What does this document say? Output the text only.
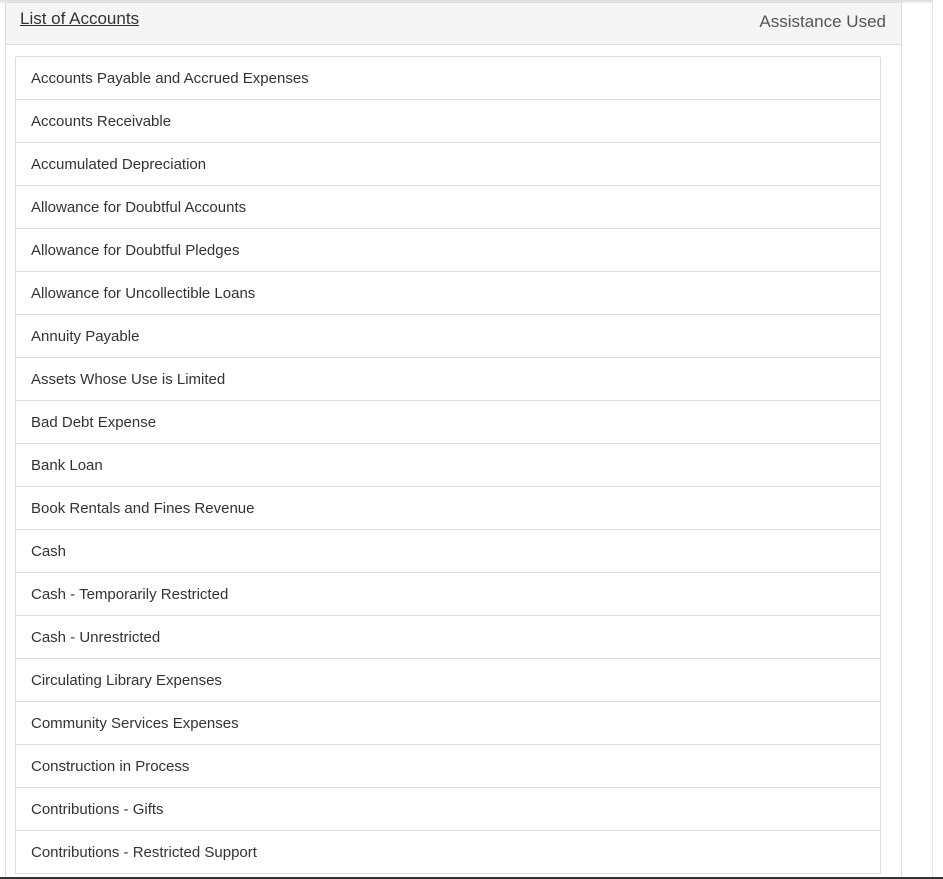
List of Accounts	Assistance Used
Accounts Payable and Accrued Expenses
Accounts Receivable
Accumulated Depreciation
Allowance for Doubtful Accounts
Allowance for Doubtful Pledges
Allowance for Uncollectible Loans
Annuity Payable
Assets Whose Use is Limited
Bad Debt Expense
Bank Loan
Book Rentals and Fines Revenue
Cash
Cash - Temporarily Restricted
Cash - Unrestricted
Circulating Library Expenses
Community Services Expenses
Construction in Process
Contributions - Gifts
Contributions - Restricted Support
